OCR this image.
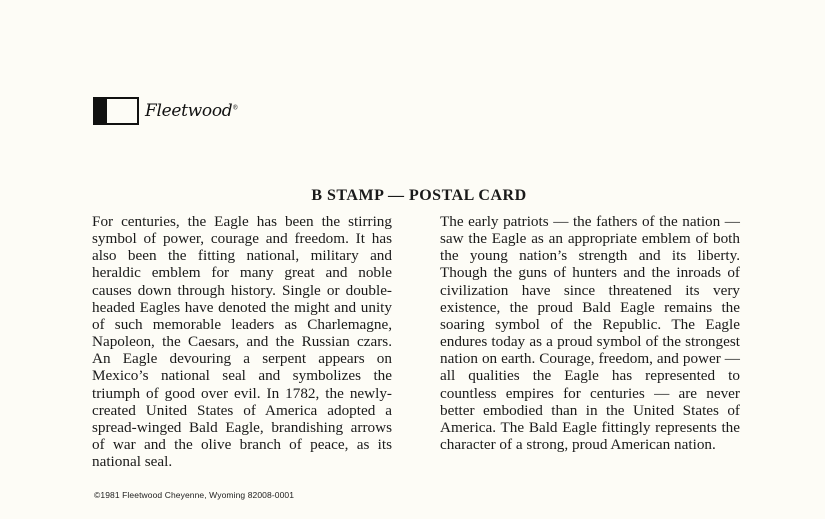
Fleetwood®
B STAMP — POSTAL CARD
For centuries, the Eagle has been the stirring symbol of power, courage and freedom. It has also been the fitting national, military and heraldic emblem for many great and noble causes down through history. Single or double-headed Eagles have denoted the might and unity of such memorable leaders as Charlemagne, Napoleon, the Caesars, and the Russian czars. An Eagle devouring a serpent appears on Mexico’s national seal and symbolizes the triumph of good over evil. In 1782, the newly-created United States of America adopted a spread-winged Bald Eagle, brandishing arrows of war and the olive branch of peace, as its national seal.
The early patriots — the fathers of the nation — saw the Eagle as an appropriate emblem of both the young nation’s strength and its liberty. Though the guns of hunters and the inroads of civilization have since threatened its very existence, the proud Bald Eagle remains the soaring symbol of the Republic. The Eagle endures today as a proud symbol of the strongest nation on earth. Courage, freedom, and power — all qualities the Eagle has represented to countless empires for centuries — are never better embodied than in the United States of America. The Bald Eagle fittingly represents the character of a strong, proud American nation.
©1981 Fleetwood Cheyenne, Wyoming 82008-0001
